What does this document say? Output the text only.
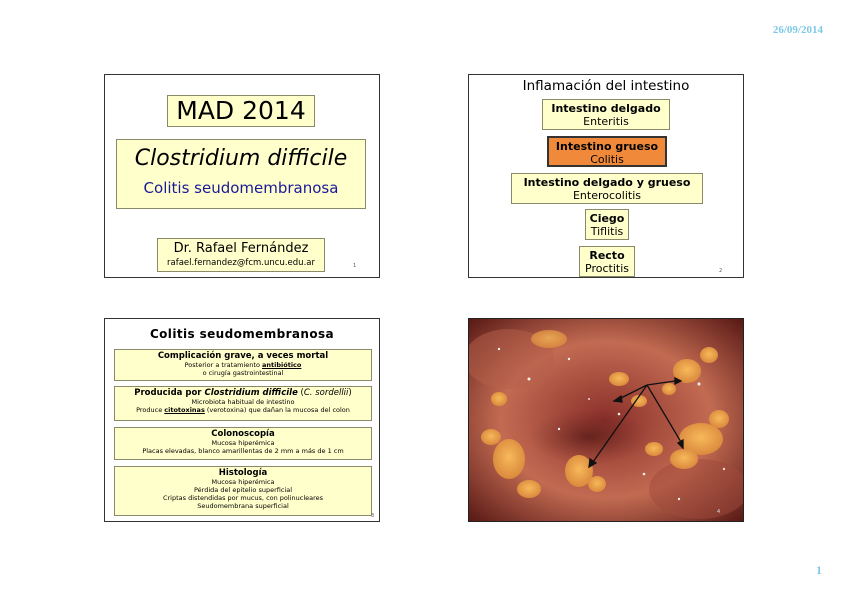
26/09/2014
MAD 2014
Clostridium difficile
Colitis seudomembranosa
Dr. Rafael Fernández
rafael.fernandez@fcm.uncu.edu.ar	1
Inflamación del intestino
Intestino delgado
Enteritis
Intestino grueso
Colitis
Intestino delgado y grueso
Enterocolitis
Ciego
Tiflitis
Recto
Proctitis	2
Colitis seudomembranosa
Complicación grave, a veces mortal
Posterior a tratamiento antibiótico
o cirugía gastrointestinal
Producida por Clostridium difficile (C. sordellii)
Microbiota habitual de intestino
Produce citotoxinas (verotoxina) que dañan la mucosa del colon
Colonoscopía
Mucosa hiperémica
Placas elevadas, blanco amarillentas de 2 mm a más de 1 cm
Histología
Mucosa hiperémica
Pérdida del epitelio superficial
Criptas distendidas por mucus, con polinucleares
Seudomembrana superficial
3
4
1
